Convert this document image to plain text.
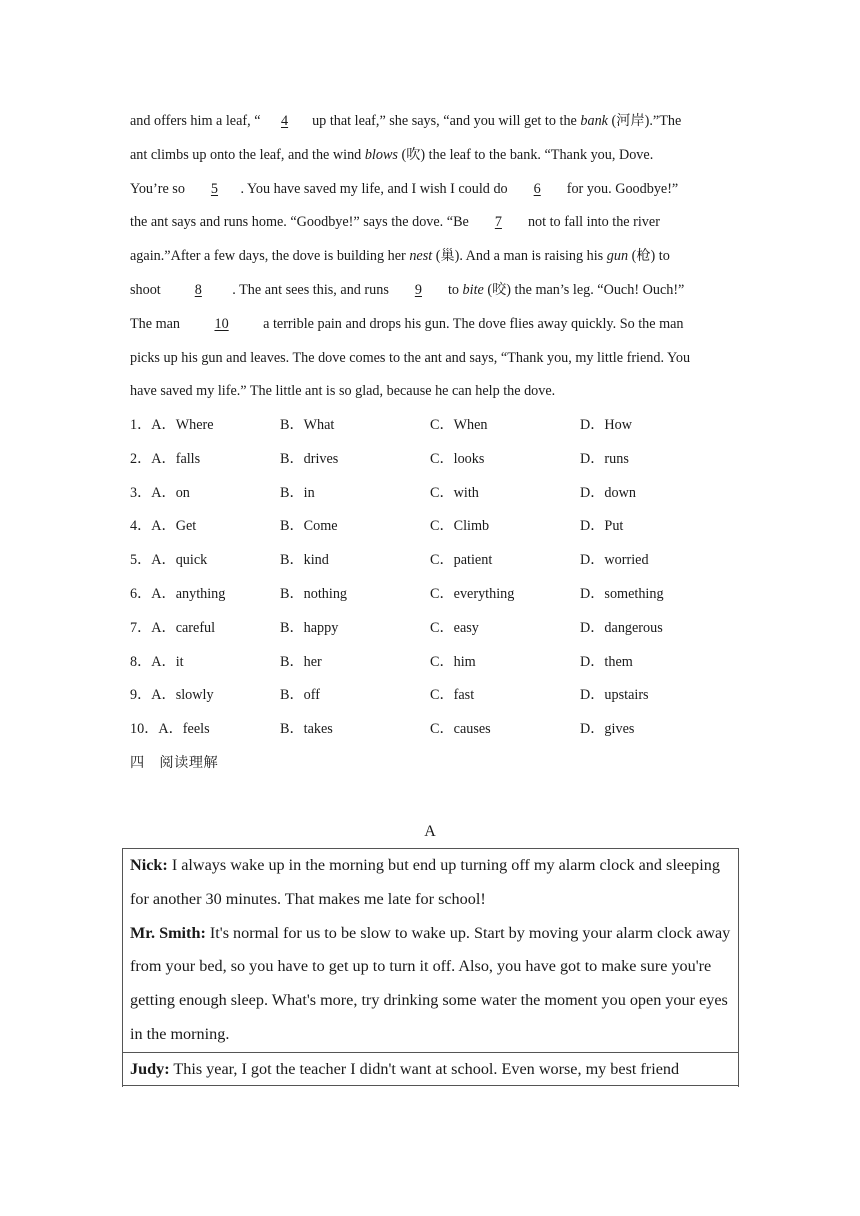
and offers him a leaf, “ 4 up that leaf,” she says, “and you will get to the bank (河岸).”The
ant climbs up onto the leaf, and the wind blows (吹) the leaf to the bank. “Thank you, Dove.
You’re so 5 . You have saved my life, and I wish I could do 6 for you. Goodbye!”
the ant says and runs home. “Goodbye!” says the dove. “Be 7 not to fall into the river
again.”After a few days, the dove is building her nest (巢). And a man is raising his gun (枪) to
shoot 8 . The ant sees this, and runs 9 to bite (咬) the man’s leg. “Ouch! Ouch!”
The man 10 a terrible pain and drops his gun. The dove flies away quickly. So the man
picks up his gun and leaves. The dove comes to the ant and says, “Thank you, my little friend. You
have saved my life.” The little ant is so glad, because he can help the dove.
1．A．Where	B．What	C．When	D．How
2．A．falls	B．drives	C．looks	D．runs
3．A．on	B．in	C．with	D．down
4．A．Get	B．Come	C．Climb	D．Put
5．A．quick	B．kind	C．patient	D．worried
6．A．anything	B．nothing	C．everything	D．something
7．A．careful	B．happy	C．easy	D．dangerous
8．A．it	B．her	C．him	D．them
9．A．slowly	B．off	C．fast	D．upstairs
10．A．feels	B．takes	C．causes	D．gives
四　阅读理解
A
Nick: I always wake up in the morning but end up turning off my alarm clock and sleeping for another 30 minutes. That makes me late for school!
Mr. Smith: It's normal for us to be slow to wake up. Start by moving your alarm clock away from your bed, so you have to get up to turn it off. Also, you have got to make sure you're getting enough sleep. What's more, try drinking some water the moment you open your eyes in the morning.
Judy: This year, I got the teacher I didn't want at school. Even worse, my best friend
